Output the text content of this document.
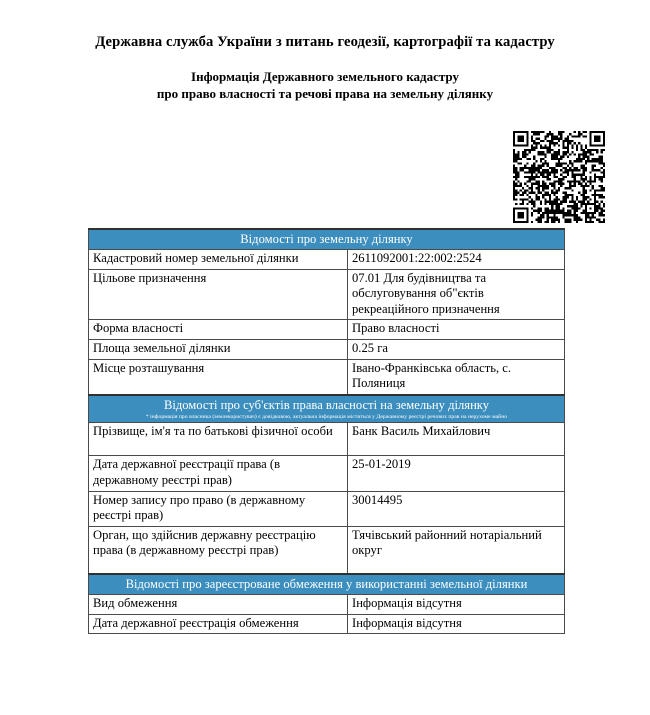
Державна служба України з питань геодезії, картографії та кадастру
Інформація Державного земельного кадастру
про право власності та речові права на земельну ділянку
Відомості про земельну ділянку	

Кадастровий номер земельної ділянки	2611092001:22:002:2524
Цільове призначення	07.01 Для будівництва та обслуговування об"єктів рекреаційного призначення
Форма власності	Право власності
Площа земельної ділянки	0.25 га
Місце розташування	Івано-Франківська область, с. Поляниця

Відомості про суб'єктів права власності на земельну ділянку
* інформація про власника (землекористувач) є довідковою, актуальна інформація міститься у Державному реєстрі речових прав на нерухоме майно	

Прізвище, ім'я та по батькові фізичної особи	Банк Василь Михайлович
Дата державної реєстрації права (в державному реєстрі прав)	25-01-2019
Номер запису про право (в державному реєстрі прав)	30014495
Орган, що здійснив державну реєстрацію права (в державному реєстрі прав)	Тячівський районний нотаріальний округ

Відомості про зареєстроване обмеження у використанні земельної ділянки	

Вид обмеження	Інформація відсутня
Дата державної реєстрація обмеження	Інформація відсутня
